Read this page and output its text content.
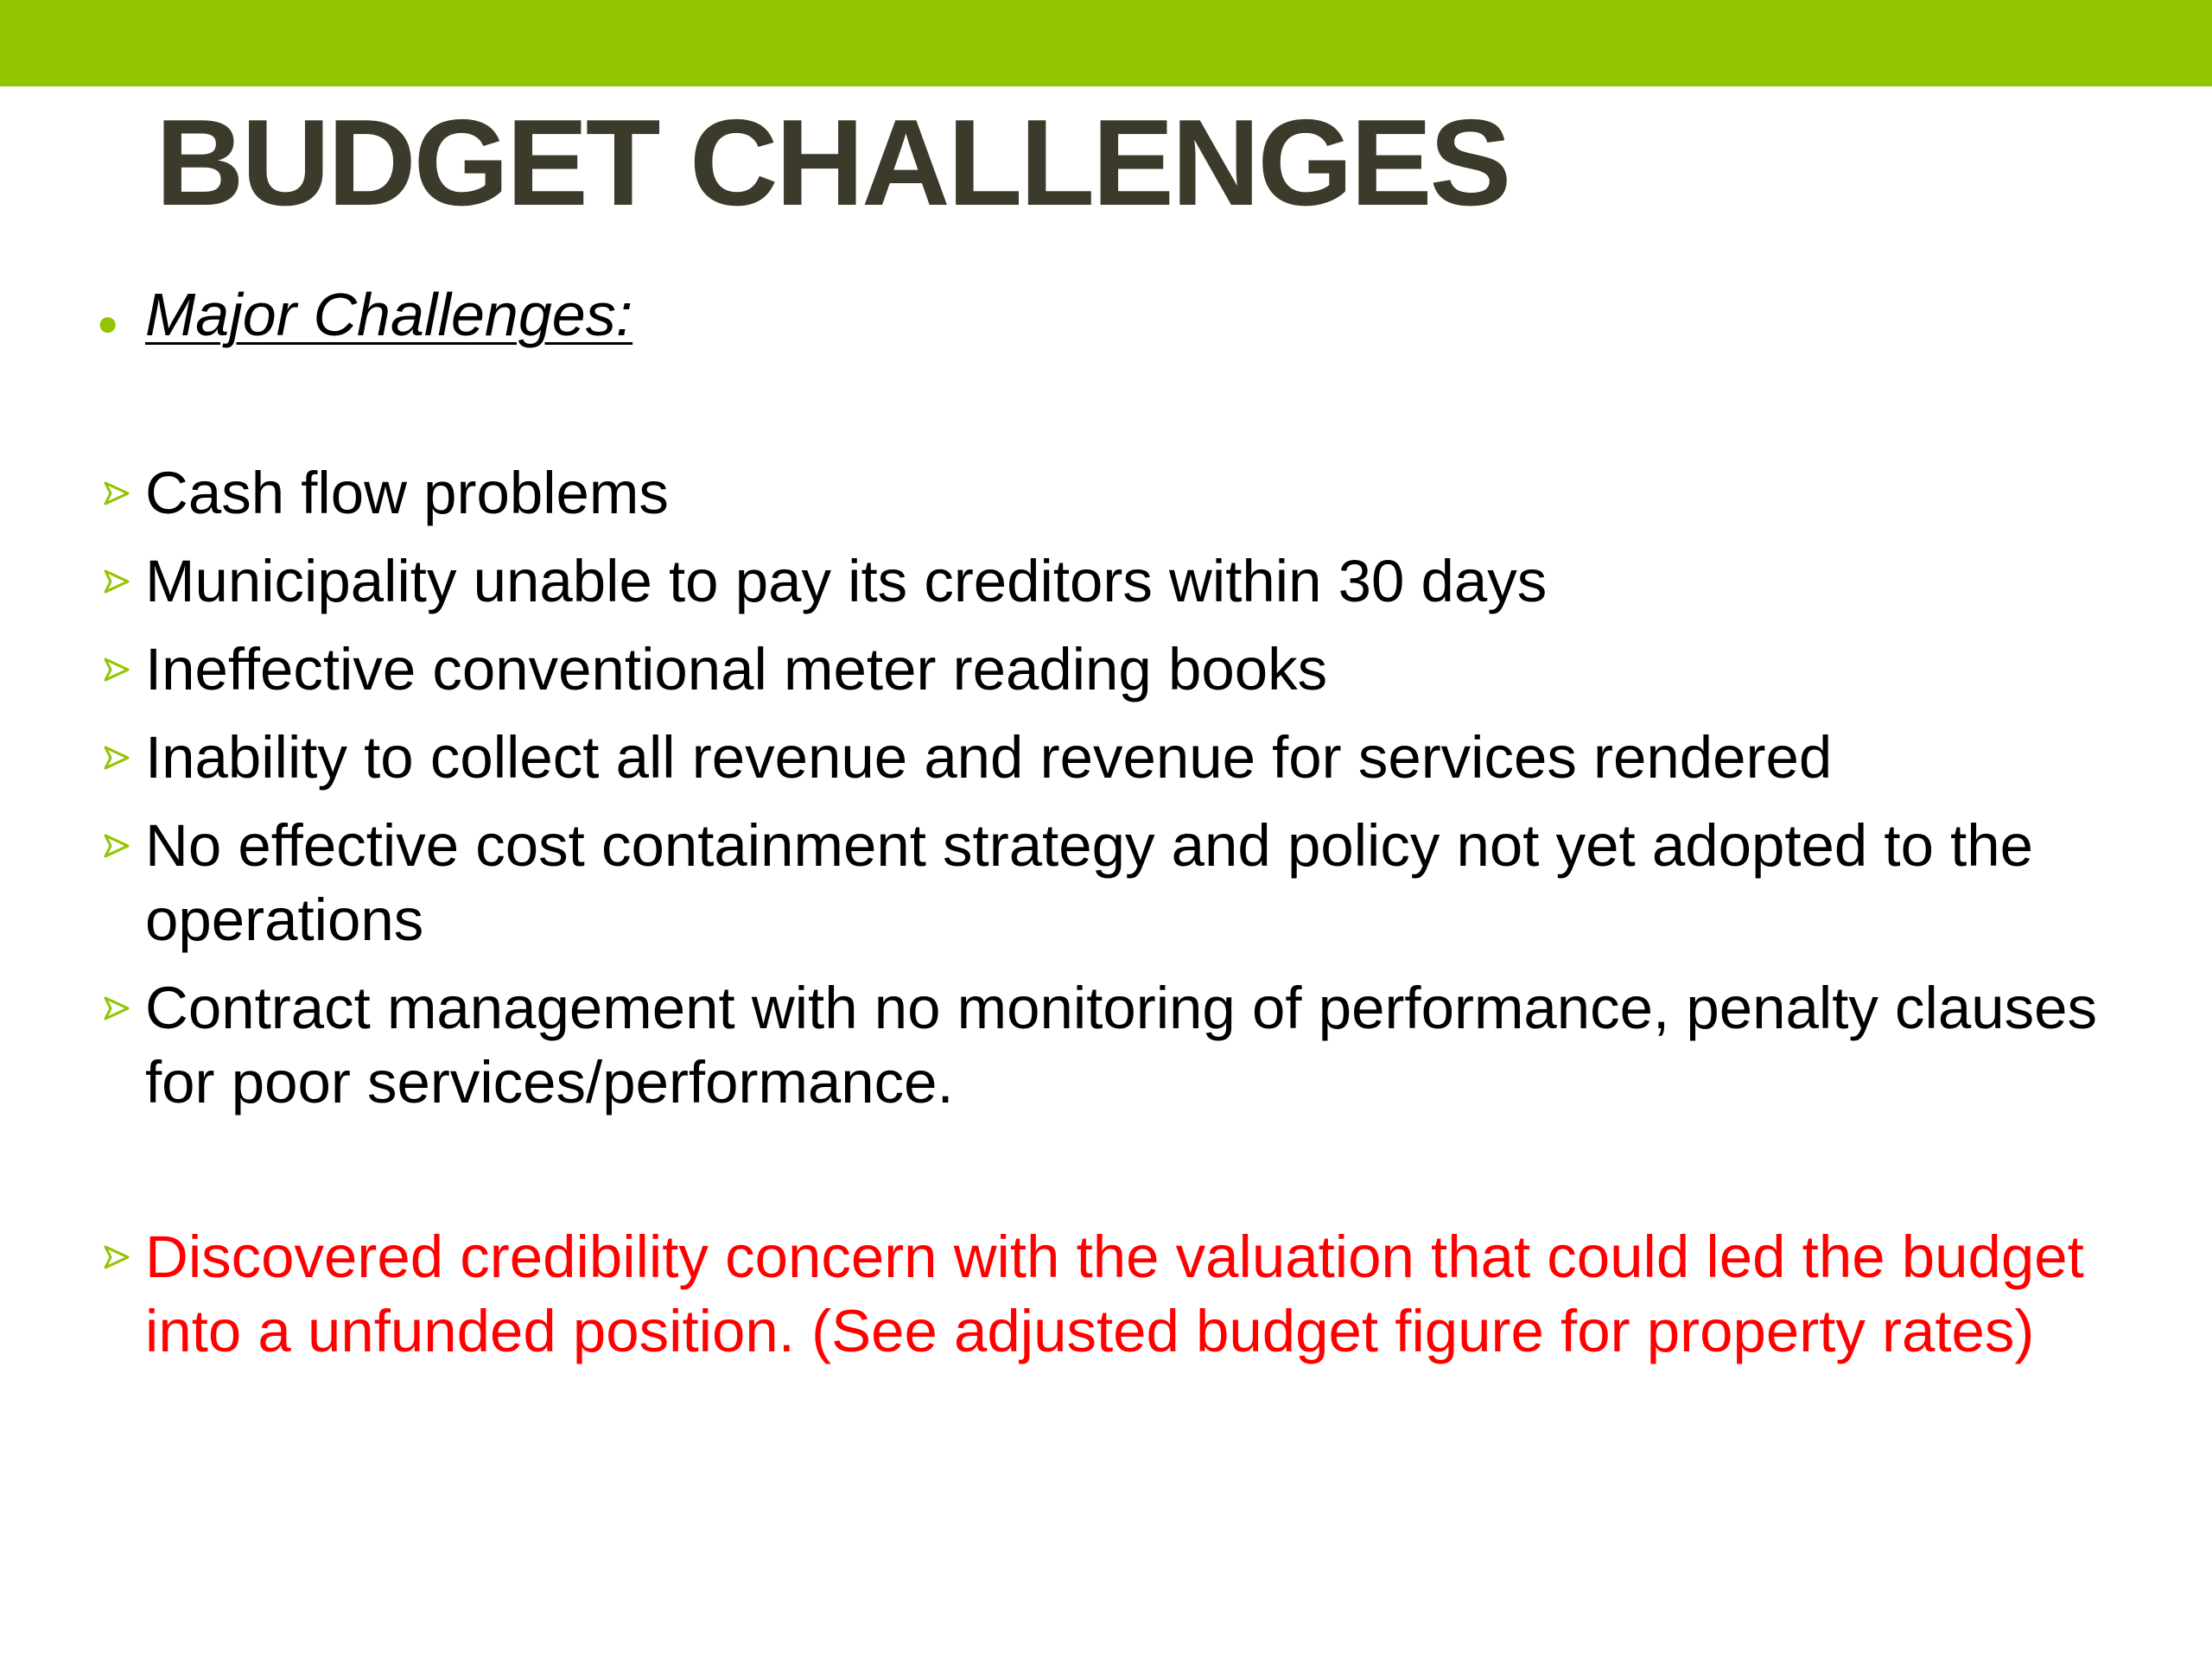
BUDGET CHALLENGES
● Major Challenges:
Cash flow problems
Municipality unable to pay its creditors within 30 days
Ineffective conventional meter reading books
Inability to collect all revenue and revenue for services rendered
No effective cost containment strategy and policy not yet adopted to the operations
Contract management with no monitoring of performance, penalty clauses for poor services/performance.
Discovered credibility concern with the valuation that could led the budget into a unfunded position. (See adjusted budget figure for property rates)
